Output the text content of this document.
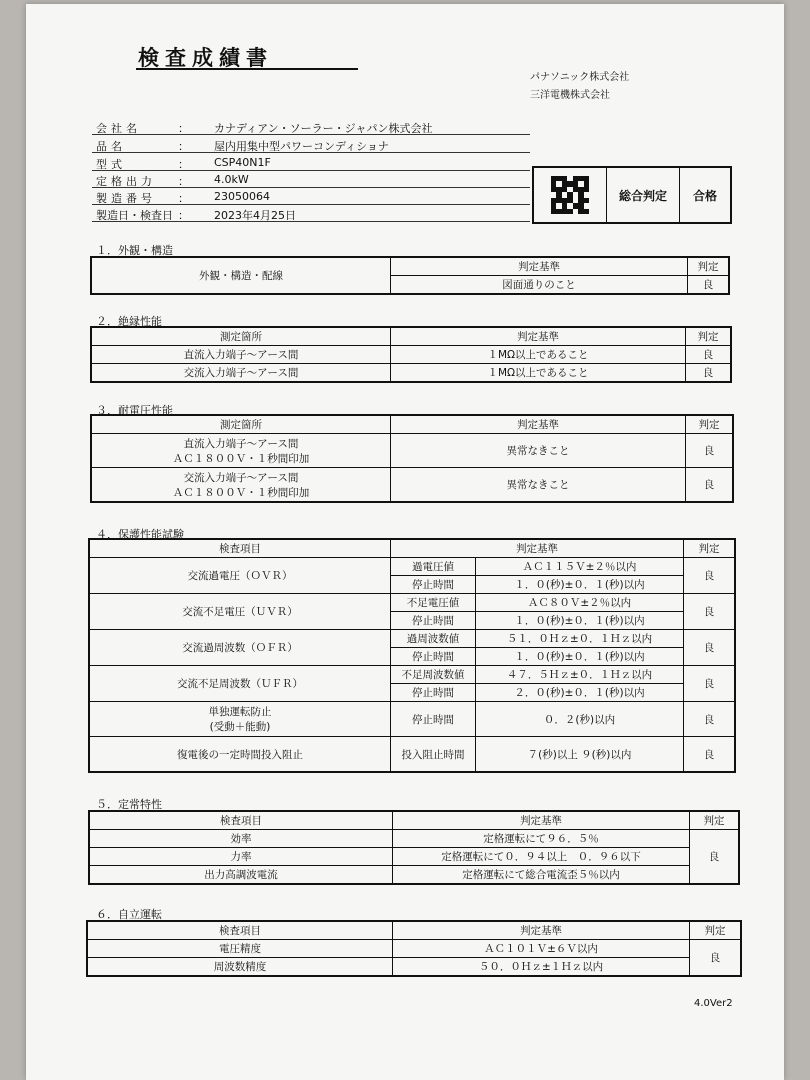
検査成績書
パナソニック株式会社
三洋電機株式会社
会社名	： カナディアン・ソーラー・ジャパン株式会社
品名	： 屋内用集中型パワーコンディショナ
型式	： CSP40N1F
定格出力 ： 4.0kW
製造番号 ： 23050064
製造日・検査日 ： 2023年4月25日
総合判定	合格
１．外観・構造
外観・構造・配線	判定基準	判定
	図面通りのこと	良
２．絶縁性能
測定箇所	判定基準	判定
直流入力端子～アース間	１MΩ以上であること	良
交流入力端子～アース間	１MΩ以上であること	良
３．耐電圧性能
測定箇所	判定基準	判定

直流入力端子～アース間
ＡＣ１８００Ｖ・１秒間印加	異常なきこと	良

交流入力端子～アース間
ＡＣ１８００Ｖ・１秒間印加	異常なきこと	良
４．保護性能試験
検査項目	判定基準		判定
交流過電圧（ＯＶＲ）	過電圧値	ＡＣ１１５Ｖ±２％以内	良
	停止時間	１．０(秒)±０．１(秒)以内	
交流不足電圧（ＵＶＲ）	不足電圧値	ＡＣ８０Ｖ±２％以内	良
	停止時間	１．０(秒)±０．１(秒)以内	
交流過周波数（ＯＦＲ）	過周波数値	５１．０Ｈｚ±０．１Ｈｚ以内	良
	停止時間	１．０(秒)±０．１(秒)以内	
交流不足周波数（ＵＦＲ）	不足周波数値	４７．５Ｈｚ±０．１Ｈｚ以内	良
	停止時間	２．０(秒)±０．１(秒)以内	

単独運転防止
(受動＋能動)	停止時間	０．２(秒)以内	良
復電後の一定時間投入阻止	投入阻止時間	７(秒)以上 ９(秒)以内	良
５．定常特性
検査項目	判定基準	判定
効率	定格運転にて９６．５％	良
力率	定格運転にて０．９４以上　０．９６以下	
出力高調波電流	定格運転にて総合電流歪５％以内	
６．自立運転
検査項目	判定基準	判定
電圧精度	ＡＣ１０１Ｖ±６Ｖ以内	良
周波数精度	５０．０Ｈｚ±１Ｈｚ以内	
4.0Ver2
